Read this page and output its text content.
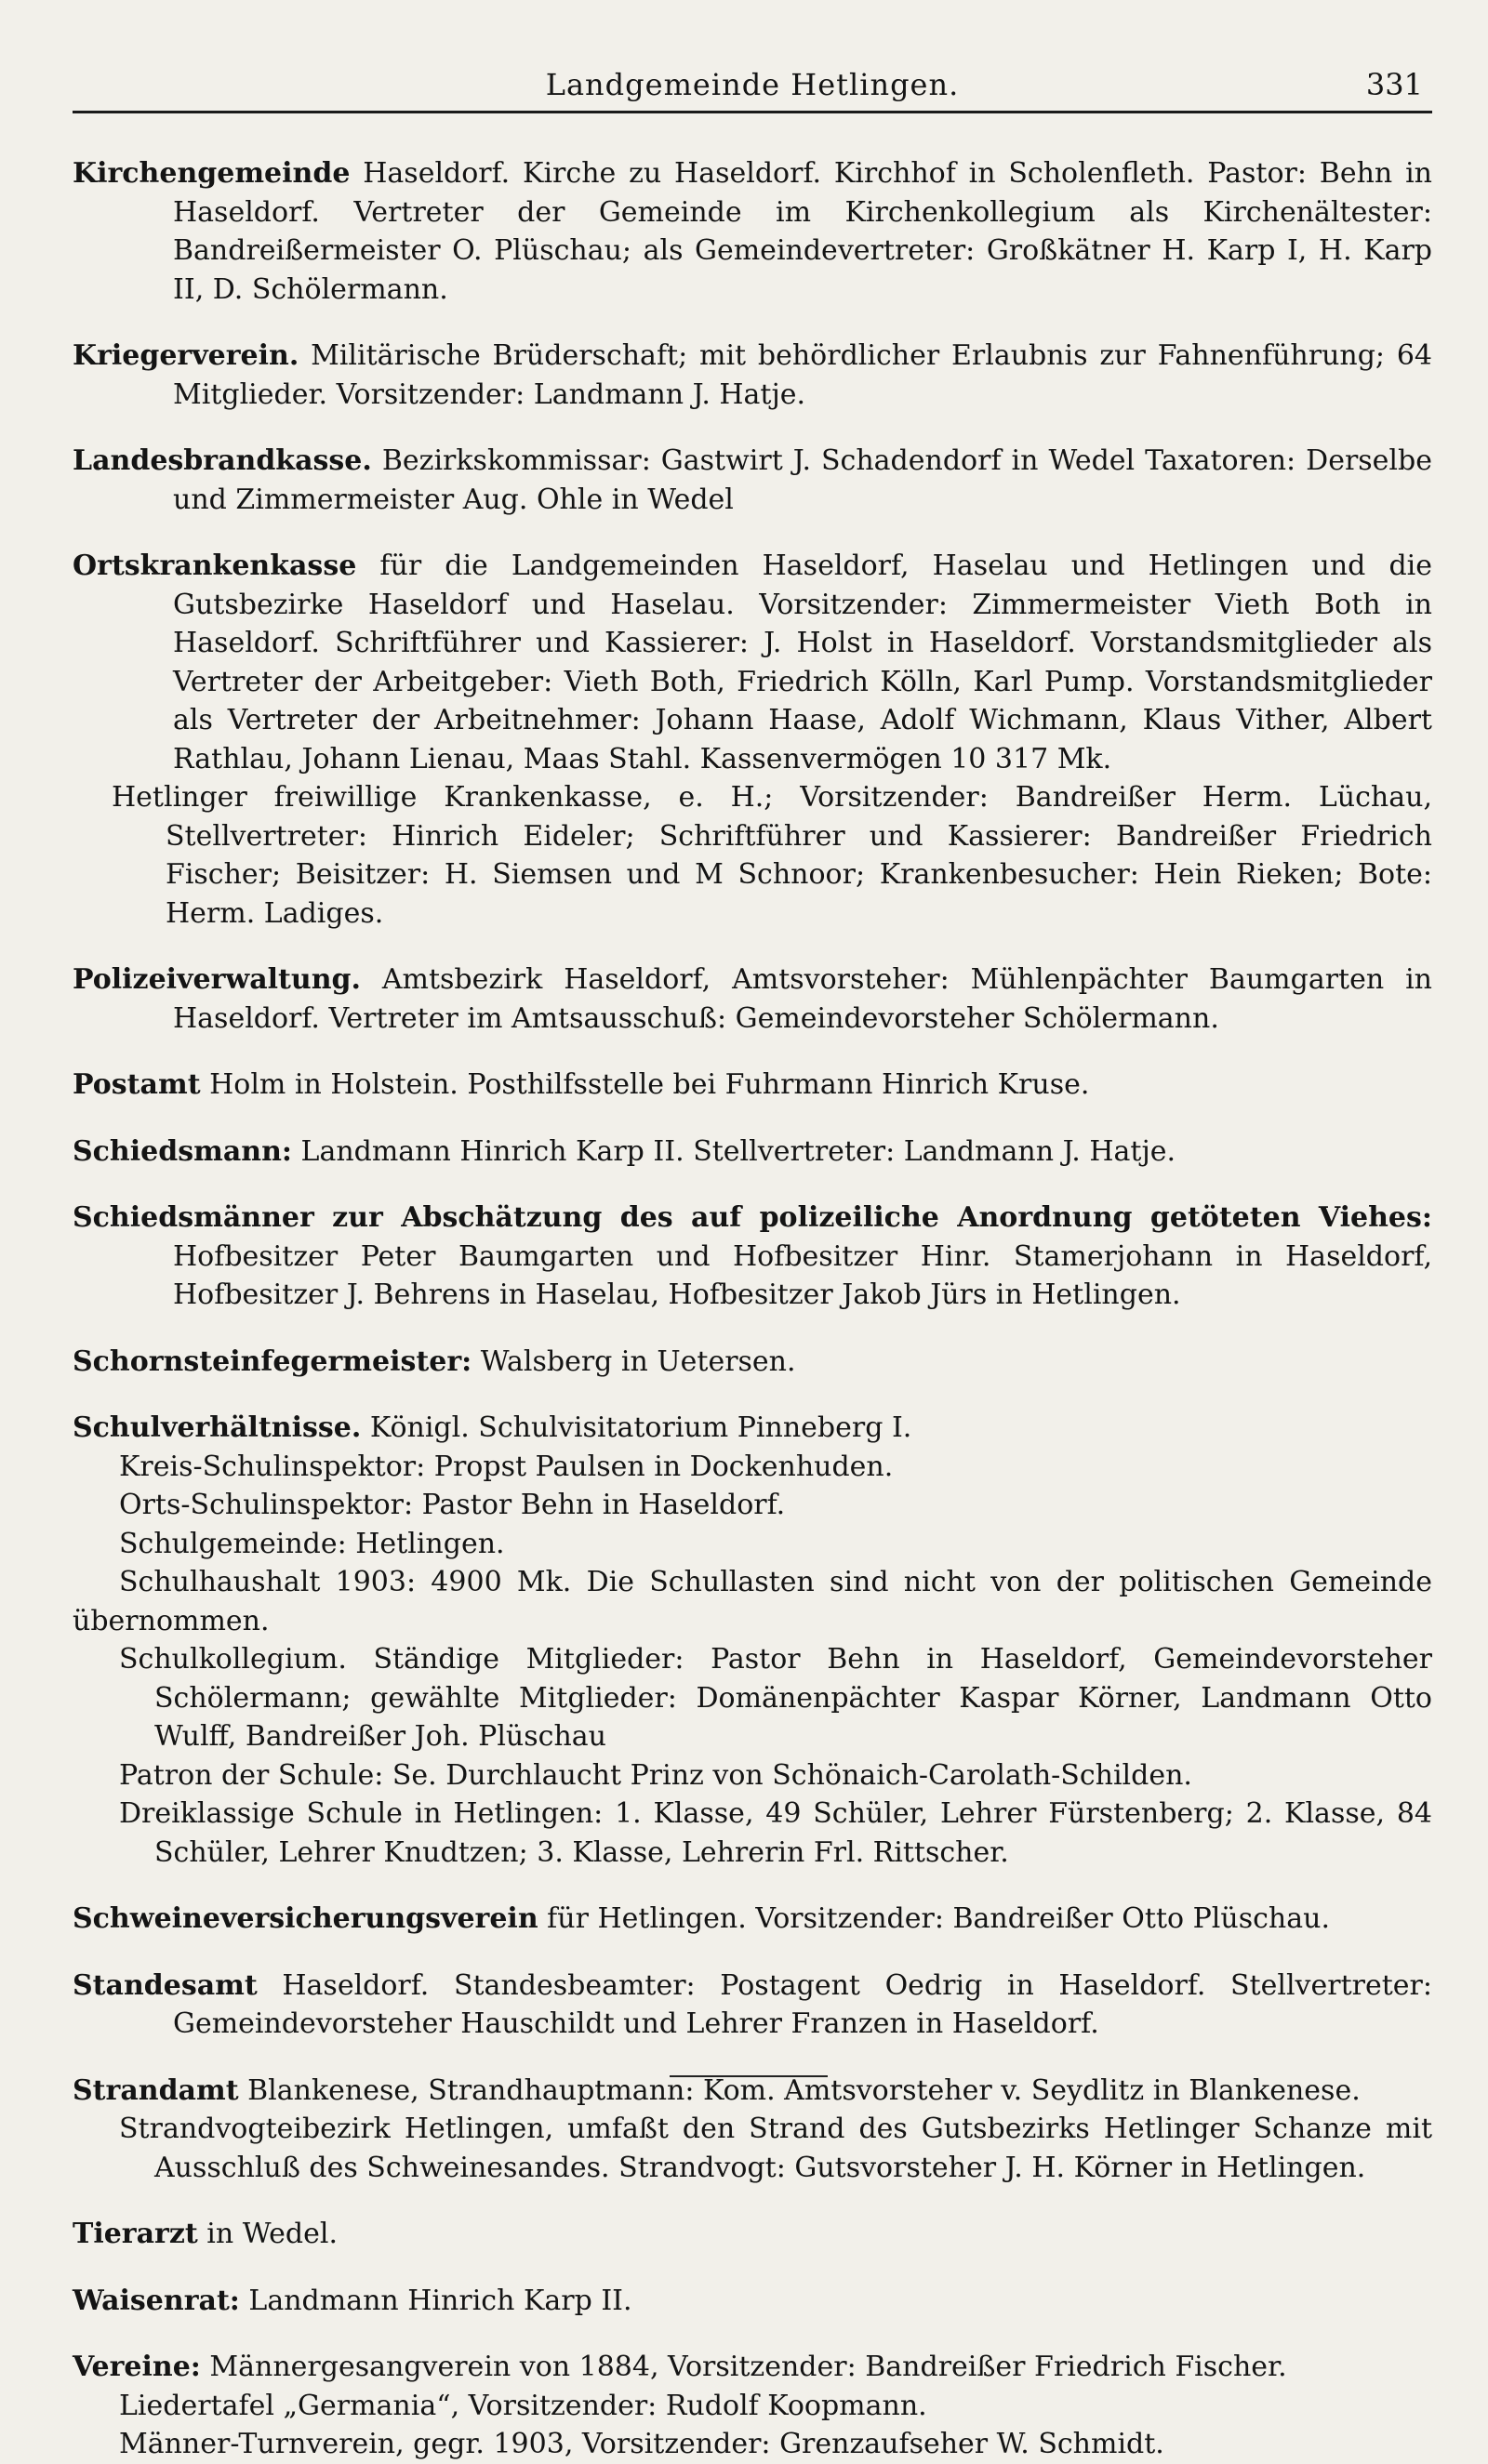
Landgemeinde Hetlingen.	331

Kirchengemeinde Haseldorf. Kirche zu Haseldorf. Kirchhof in Scholenfleth. Pastor: Behn in Haseldorf. Vertreter der Gemeinde im Kirchenkollegium als Kirchenältester: Bandreißermeister O. Plüschau; als Gemeindevertreter: Großkätner H. Karp I, H. Karp II, D. Schölermann.

Kriegerverein. Militärische Brüderschaft; mit behördlicher Erlaubnis zur Fahnenführung; 64 Mitglieder. Vorsitzender: Landmann J. Hatje.

Landesbrandkasse. Bezirkskommissar: Gastwirt J. Schadendorf in Wedel Taxatoren: Derselbe und Zimmermeister Aug. Ohle in Wedel

Ortskrankenkasse für die Landgemeinden Haseldorf, Haselau und Hetlingen und die Gutsbezirke Haseldorf und Haselau. Vorsitzender: Zimmermeister Vieth Both in Haseldorf. Schriftführer und Kassierer: J. Holst in Haseldorf. Vorstandsmitglieder als Vertreter der Arbeitgeber: Vieth Both, Friedrich Kölln, Karl Pump. Vorstandsmitglieder als Vertreter der Arbeitnehmer: Johann Haase, Adolf Wichmann, Klaus Vither, Albert Rathlau, Johann Lienau, Maas Stahl. Kassenvermögen 10 317 Mk.

Hetlinger freiwillige Krankenkasse, e. H.; Vorsitzender: Bandreißer Herm. Lüchau, Stellvertreter: Hinrich Eideler; Schriftführer und Kassierer: Bandreißer Friedrich Fischer; Beisitzer: H. Siemsen und M Schnoor; Krankenbesucher: Hein Rieken; Bote: Herm. Ladiges.

Polizeiverwaltung. Amtsbezirk Haseldorf, Amtsvorsteher: Mühlenpächter Baumgarten in Haseldorf. Vertreter im Amtsausschuß: Gemeindevorsteher Schölermann.

Postamt Holm in Holstein. Posthilfsstelle bei Fuhrmann Hinrich Kruse.

Schiedsmann: Landmann Hinrich Karp II. Stellvertreter: Landmann J. Hatje.

Schiedsmänner zur Abschätzung des auf polizeiliche Anordnung getöteten Viehes: Hofbesitzer Peter Baumgarten und Hofbesitzer Hinr. Stamerjohann in Haseldorf, Hofbesitzer J. Behrens in Haselau, Hofbesitzer Jakob Jürs in Hetlingen.

Schornsteinfegermeister: Walsberg in Uetersen.

Schulverhältnisse. Königl. Schulvisitatorium Pinneberg I.

Kreis-Schulinspektor: Propst Paulsen in Dockenhuden.

Orts-Schulinspektor: Pastor Behn in Haseldorf.

Schulgemeinde: Hetlingen.

Schulhaushalt 1903: 4900 Mk. Die Schullasten sind nicht von der politischen Gemeinde übernommen.

Schulkollegium. Ständige Mitglieder: Pastor Behn in Haseldorf, Gemeindevorsteher Schölermann; gewählte Mitglieder: Domänenpächter Kaspar Körner, Landmann Otto Wulff, Bandreißer Joh. Plüschau

Patron der Schule: Se. Durchlaucht Prinz von Schönaich-Carolath-Schilden.

Dreiklassige Schule in Hetlingen: 1. Klasse, 49 Schüler, Lehrer Fürstenberg; 2. Klasse, 84 Schüler, Lehrer Knudtzen; 3. Klasse, Lehrerin Frl. Rittscher.

Schweineversicherungsverein für Hetlingen. Vorsitzender: Bandreißer Otto Plüschau.

Standesamt Haseldorf. Standesbeamter: Postagent Oedrig in Haseldorf. Stellvertreter: Gemeindevorsteher Hauschildt und Lehrer Franzen in Haseldorf.

Strandamt Blankenese, Strandhauptmann: Kom. Amtsvorsteher v. Seydlitz in Blankenese.

Strandvogteibezirk Hetlingen, umfaßt den Strand des Gutsbezirks Hetlinger Schanze mit Ausschluß des Schweinesandes. Strandvogt: Gutsvorsteher J. H. Körner in Hetlingen.

Tierarzt in Wedel.

Waisenrat: Landmann Hinrich Karp II.

Vereine: Männergesangverein von 1884, Vorsitzender: Bandreißer Friedrich Fischer.

Liedertafel „Germania“, Vorsitzender: Rudolf Koopmann.

Männer-Turnverein, gegr. 1903, Vorsitzender: Grenzaufseher W. Schmidt.
